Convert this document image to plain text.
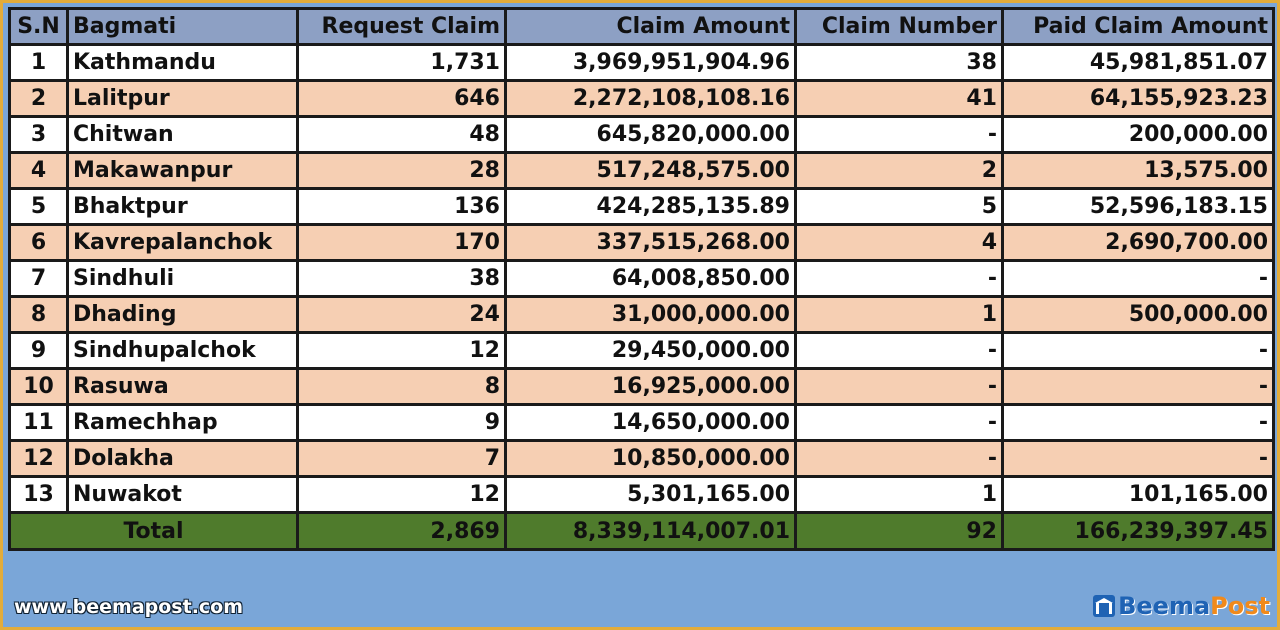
S.N	Bagmati	Request Claim	Claim Amount	Claim Number	Paid Claim Amount
1	Kathmandu	1,731	3,969,951,904.96	38	45,981,851.07
2	Lalitpur	646	2,272,108,108.16	41	64,155,923.23
3	Chitwan	48	645,820,000.00	-	200,000.00
4	Makawanpur	28	517,248,575.00	2	13,575.00
5	Bhaktpur	136	424,285,135.89	5	52,596,183.15
6	Kavrepalanchok	170	337,515,268.00	4	2,690,700.00
7	Sindhuli	38	64,008,850.00	-	-
8	Dhading	24	31,000,000.00	1	500,000.00
9	Sindhupalchok	12	29,450,000.00	-	-
10	Rasuwa	8	16,925,000.00	-	-
11	Ramechhap	9	14,650,000.00	-	-
12	Dolakha	7	10,850,000.00	-	-
13	Nuwakot	12	5,301,165.00	1	101,165.00
Total		2,869	8,339,114,007.01	92	166,239,397.45
www.beemapost.com	Beema Post
